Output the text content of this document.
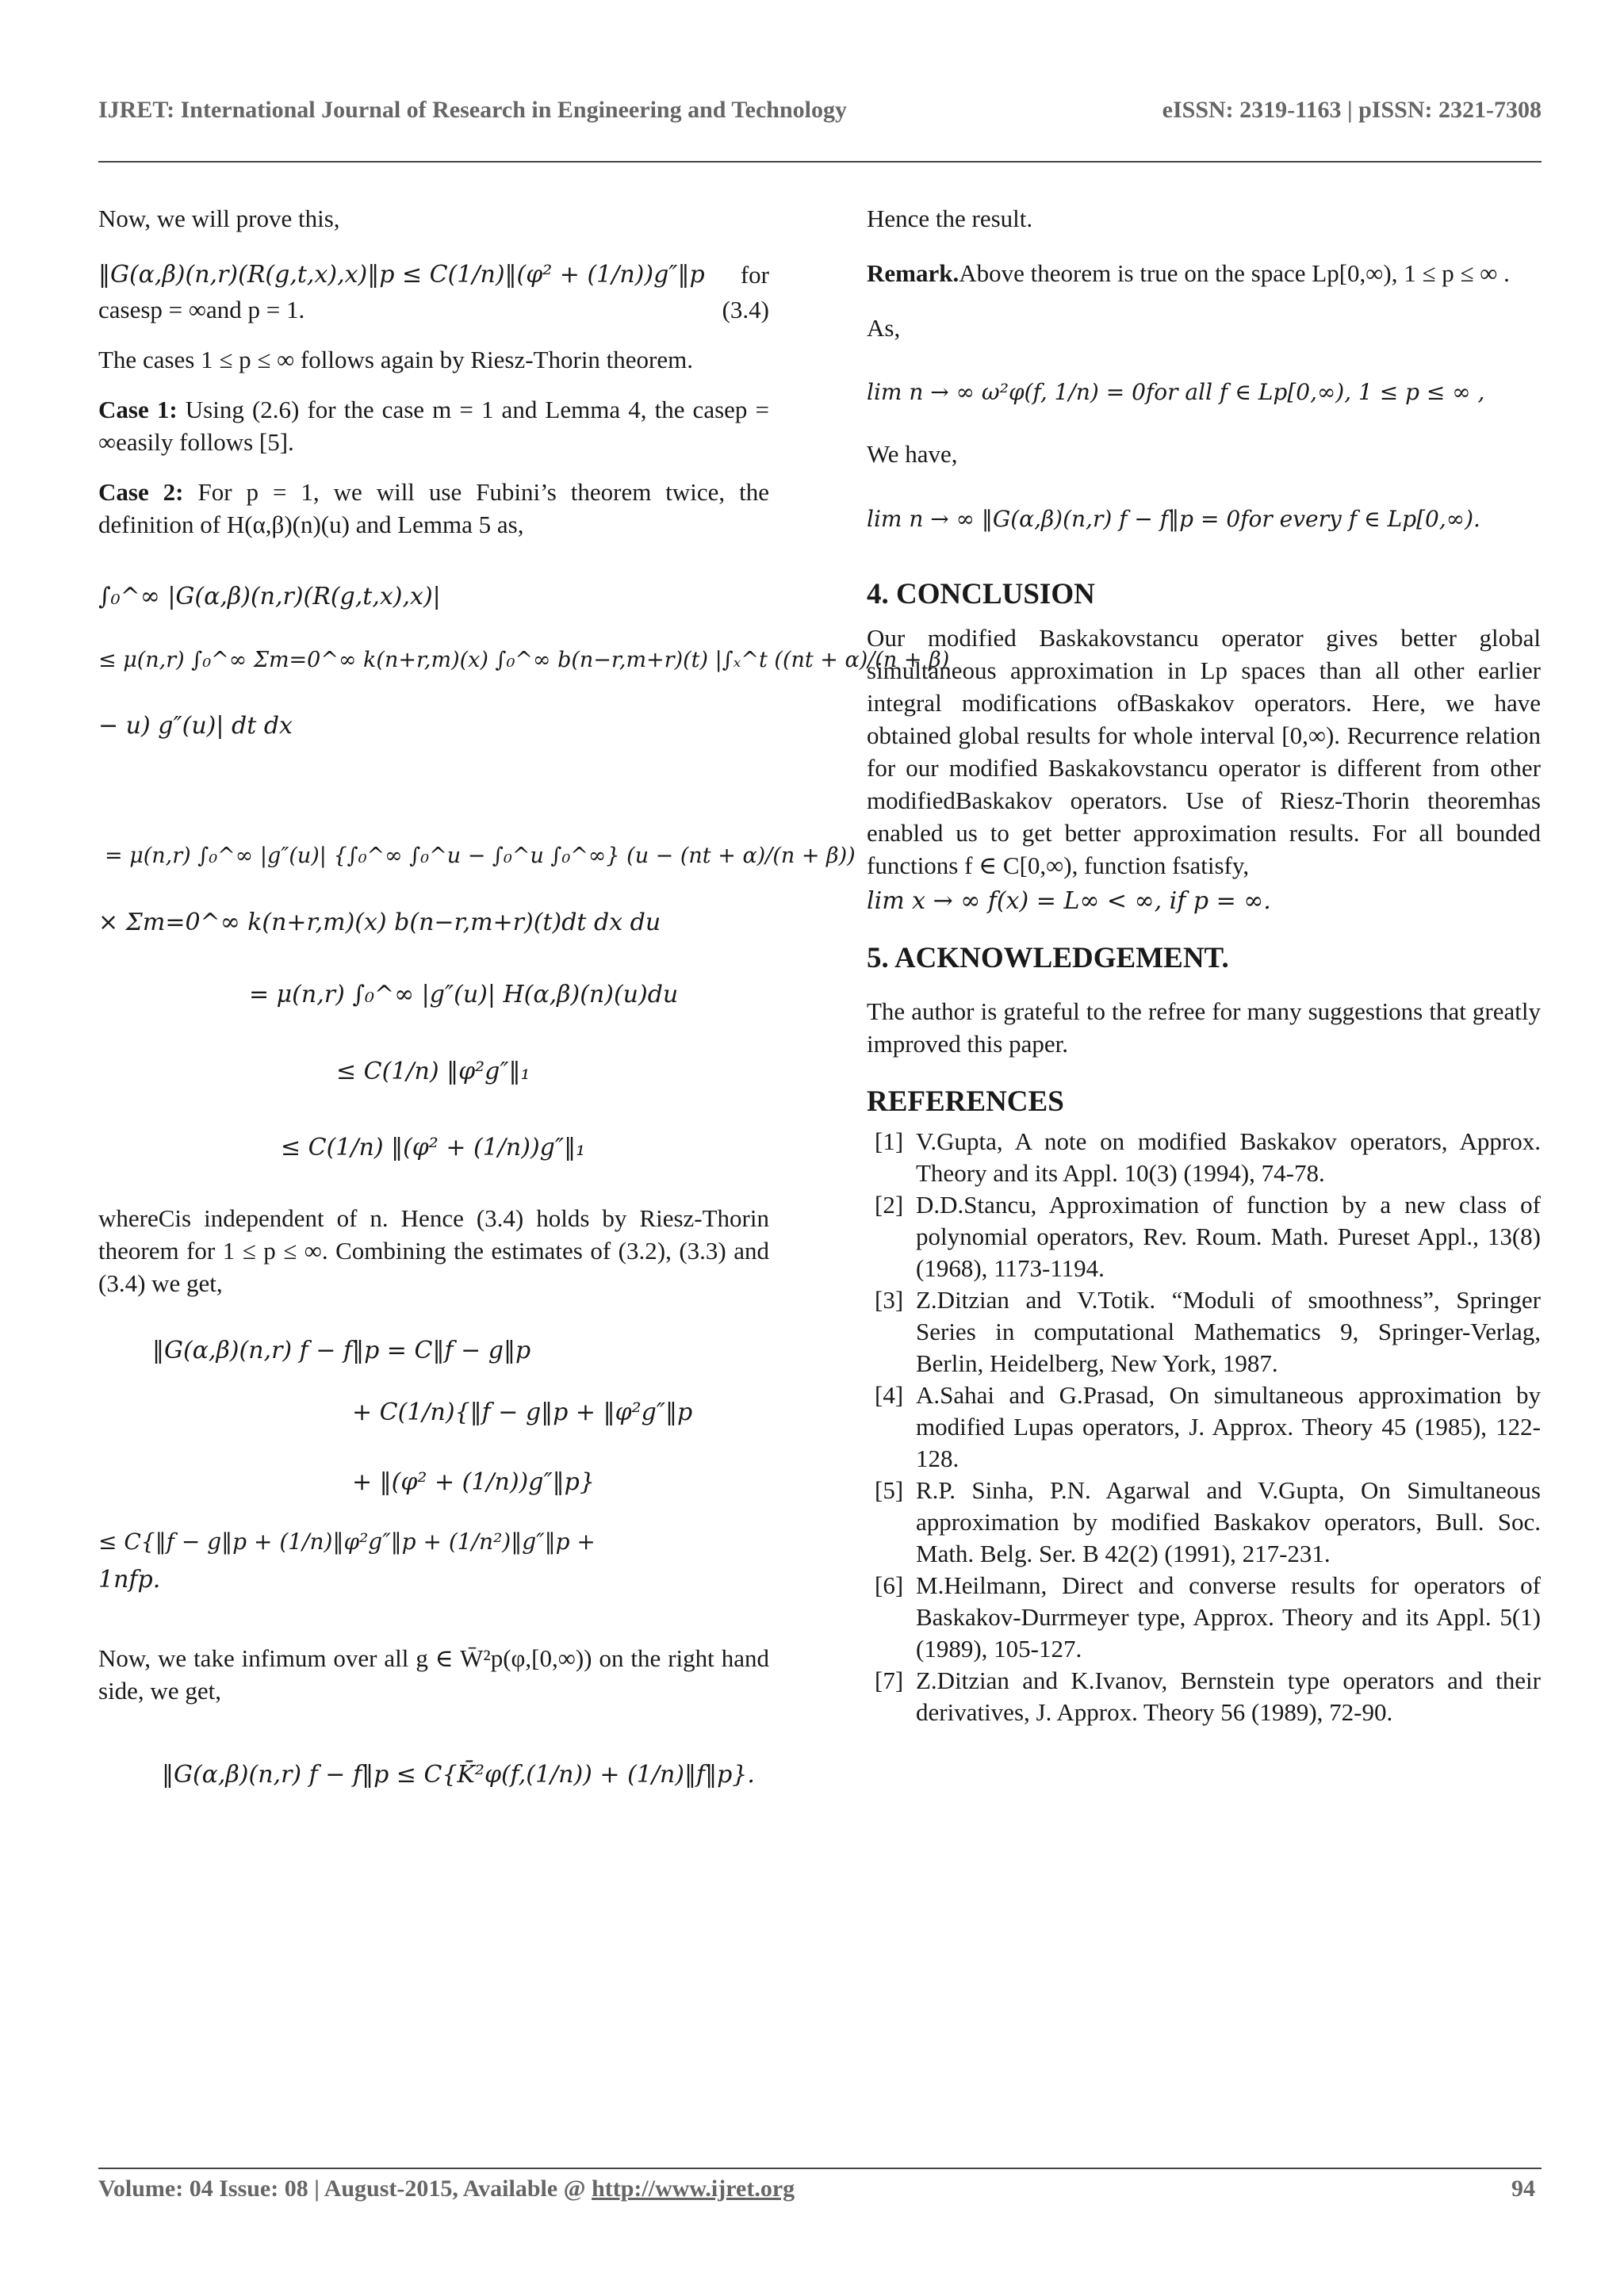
IJRET: International Journal of Research in Engineering and Technology	eISSN: 2319-1163 | pISSN: 2321-7308

Now, we will prove this,

‖G(α,β)(n,r)(R(g,t,x),x)‖p ≤ C(1/n)‖(φ² + (1/n))g″‖p for
casesp = ∞and p = 1.	(3.4)

The cases 1 ≤ p ≤ ∞ follows again by Riesz-Thorin theorem.

Case 1: Using (2.6) for the case m = 1 and Lemma 4, the casep = ∞easily follows [5].

Case 2: For p = 1, we will use Fubini’s theorem twice, the definition of H(α,β)(n)(u) and Lemma 5 as,

∫₀^∞ |G(α,β)(n,r)(R(g,t,x),x)|
≤ μ(n,r) ∫₀^∞ Σm=0^∞ k(n+r,m)(x) ∫₀^∞ b(n−r,m+r)(t) |∫ₓ^t ((nt + α)/(n + β)
− u) g″(u)| dt dx
= μ(n,r) ∫₀^∞ |g″(u)| {∫₀^∞ ∫₀^u − ∫₀^u ∫₀^∞} (u − (nt + α)/(n + β))
× Σm=0^∞ k(n+r,m)(x) b(n−r,m+r)(t)dt dx du
= μ(n,r) ∫₀^∞ |g″(u)| H(α,β)(n)(u)du
≤ C(1/n) ‖φ²g″‖₁
≤ C(1/n) ‖(φ² + (1/n))g″‖₁

whereCis independent of n. Hence (3.4) holds by Riesz-Thorin theorem for 1 ≤ p ≤ ∞. Combining the estimates of (3.2), (3.3) and (3.4) we get,

‖G(α,β)(n,r) f − f‖p = C‖f − g‖p
+ C(1/n){‖f − g‖p + ‖φ²g″‖p
+ ‖(φ² + (1/n))g″‖p}
≤ C{‖f − g‖p + (1/n)‖φ²g″‖p + (1/n²)‖g″‖p +
1nfp.

Now, we take infimum over all g ∈ W̄²p(φ,[0,∞)) on the right hand side, we get,

‖G(α,β)(n,r) f − f‖p ≤ C{K̄²φ(f,(1/n)) + (1/n)‖f‖p}.

Hence the result.

Remark.Above theorem is true on the space Lp[0,∞), 1 ≤ p ≤ ∞ .

As,

lim n → ∞ ω²φ(f, 1/n) = 0for all f ∈ Lp[0,∞), 1 ≤ p ≤ ∞ ,

We have,

lim n → ∞ ‖G(α,β)(n,r) f − f‖p = 0for every f ∈ Lp[0,∞).
4. CONCLUSION

Our modified Baskakovstancu operator gives better global simultaneous approximation in Lp spaces than all other earlier integral modifications ofBaskakov operators. Here, we have obtained global results for whole interval [0,∞). Recurrence relation for our modified Baskakovstancu operator is different from other modifiedBaskakov operators. Use of Riesz-Thorin theoremhas enabled us to get better approximation results. For all bounded functions f ∈ C[0,∞), function fsatisfy,

lim x → ∞ f(x) = L∞ < ∞, if p = ∞.
5. ACKNOWLEDGEMENT.

The author is grateful to the refree for many suggestions that greatly improved this paper.

REFERENCES
[1] V.Gupta, A note on modified Baskakov operators, Approx. Theory and its Appl. 10(3) (1994), 74-78.
[2] D.D.Stancu, Approximation of function by a new class of polynomial operators, Rev. Roum. Math. Pureset Appl., 13(8) (1968), 1173-1194.
[3] Z.Ditzian and V.Totik. “Moduli of smoothness”, Springer Series in computational Mathematics 9, Springer-Verlag, Berlin, Heidelberg, New York, 1987.
[4] A.Sahai and G.Prasad, On simultaneous approximation by modified Lupas operators, J. Approx. Theory 45 (1985), 122-128.
[5] R.P. Sinha, P.N. Agarwal and V.Gupta, On Simultaneous approximation by modified Baskakov operators, Bull. Soc. Math. Belg. Ser. B 42(2) (1991), 217-231.
[6] M.Heilmann, Direct and converse results for operators of Baskakov-Durrmeyer type, Approx. Theory and its Appl. 5(1) (1989), 105-127.
[7] Z.Ditzian and K.Ivanov, Bernstein type operators and their derivatives, J. Approx. Theory 56 (1989), 72-90.
Volume: 04 Issue: 08 | August-2015, Available @ http://www.ijret.org	94
